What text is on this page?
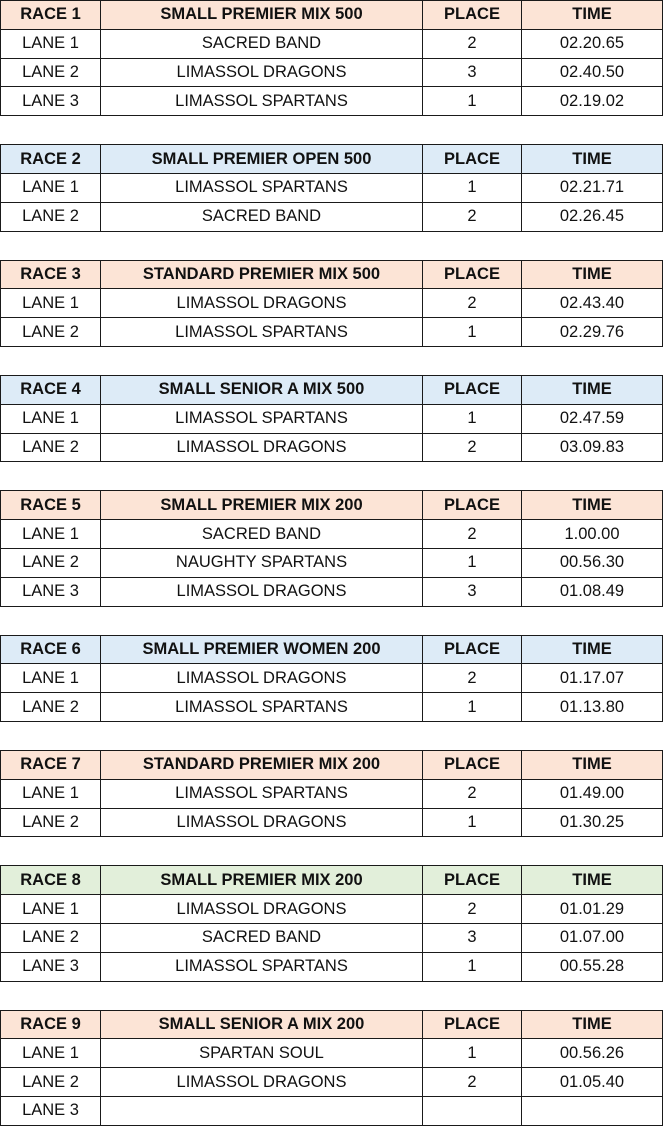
RACE 1	SMALL PREMIER MIX 500	PLACE	TIME
LANE 1	SACRED BAND	2	02.20.65
LANE 2	LIMASSOL DRAGONS	3	02.40.50
LANE 3	LIMASSOL SPARTANS	1	02.19.02
RACE 2	SMALL PREMIER OPEN 500	PLACE	TIME
LANE 1	LIMASSOL SPARTANS	1	02.21.71
LANE 2	SACRED BAND	2	02.26.45
RACE 3	STANDARD PREMIER MIX 500	PLACE	TIME
LANE 1	LIMASSOL DRAGONS	2	02.43.40
LANE 2	LIMASSOL SPARTANS	1	02.29.76
RACE 4	SMALL SENIOR A MIX 500	PLACE	TIME
LANE 1	LIMASSOL SPARTANS	1	02.47.59
LANE 2	LIMASSOL DRAGONS	2	03.09.83
RACE 5	SMALL PREMIER MIX 200	PLACE	TIME
LANE 1	SACRED BAND	2	1.00.00
LANE 2	NAUGHTY SPARTANS	1	00.56.30
LANE 3	LIMASSOL DRAGONS	3	01.08.49
RACE 6	SMALL PREMIER WOMEN 200	PLACE	TIME
LANE 1	LIMASSOL DRAGONS	2	01.17.07
LANE 2	LIMASSOL SPARTANS	1	01.13.80
RACE 7	STANDARD PREMIER MIX 200	PLACE	TIME
LANE 1	LIMASSOL SPARTANS	2	01.49.00
LANE 2	LIMASSOL DRAGONS	1	01.30.25
RACE 8	SMALL PREMIER MIX 200	PLACE	TIME
LANE 1	LIMASSOL DRAGONS	2	01.01.29
LANE 2	SACRED BAND	3	01.07.00
LANE 3	LIMASSOL SPARTANS	1	00.55.28
RACE 9	SMALL SENIOR A MIX 200	PLACE	TIME
LANE 1	SPARTAN SOUL	1	00.56.26
LANE 2	LIMASSOL DRAGONS	2	01.05.40
LANE 3			
